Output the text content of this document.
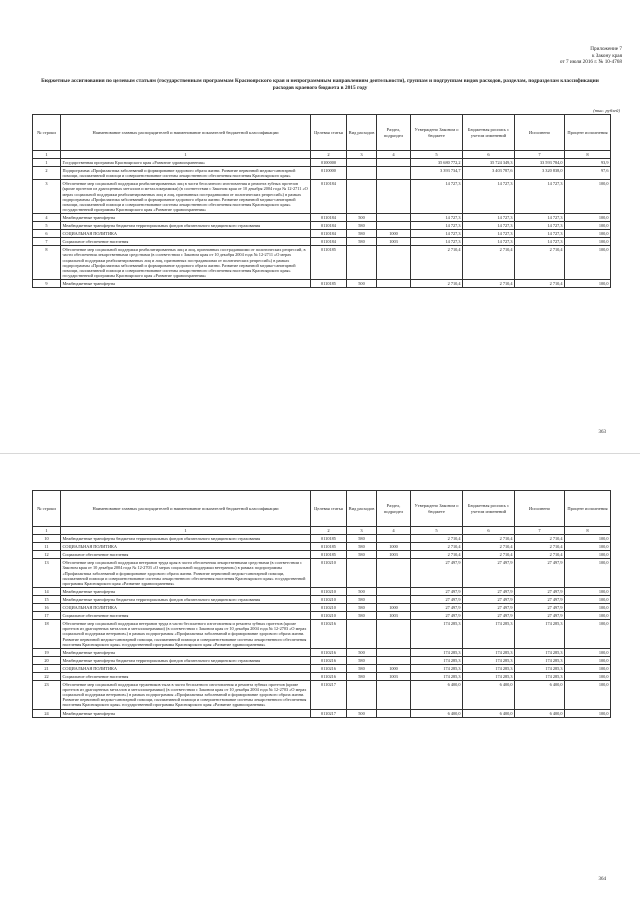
Приложение 7
к Закону края
от 7 июля 2016 г. № 10-4768
Бюджетные ассигнования по целевым статьям (государственным программам Красноярского края и непрограммным направлениям деятельности), группам и подгруппам видов расходов, разделам, подразделам классификации расходов краевого бюджета в 2015 году
(тыс. рублей)
№ строки	Наименование главных распорядителей и наименование показателей бюджетной классификации	Целевая статья	Вид расходов	Раздел, подраздел	Утверждено Законом о бюджете	Бюджетная роспись с учетом изменений	Исполнено	Процент исполнения
1	1	2	3	4	5	6	7	8
1	Государственная программа Красноярского края «Развитие здравоохранения»	0100000			35 680 772,2	35 724 349,3	33 593 784,0	93,9
2	Подпрограмма «Профилактика заболеваний и формирование здорового образа жизни. Развитие первичной медико-санитарной помощи, паллиативной помощи и совершенствование системы лекарственного обеспечения населения Красноярского края»	0110000			3 393 734,7	3 403 787,6	3 320 838,0	97,6
3	Обеспечение мер социальной поддержки реабилитированных лиц в части бесплатного изготовления и ремонта зубных протезов (кроме протезов из драгоценных металлов и металлокерамики) (в соответствии с Законом края от 10 декабря 2004 года № 12-2711 «О мерах социальной поддержки реабилитированных лиц и лиц, признанных пострадавшими от политических репрессий») в рамках подпрограммы «Профилактика заболеваний и формирование здорового образа жизни. Развитие первичной медико-санитарной помощи, паллиативной помощи и совершенствование системы лекарственного обеспечения населения Красноярского края» государственной программы Красноярского края «Развитие здравоохранения»	0110184			14 727,3	14 727,3	14 727,3	100,0
4	Межбюджетные трансферты	0110184	500		14 727,3	14 727,3	14 727,3	100,0
5	Межбюджетные трансферты бюджетам территориальных фондов обязательного медицинского страхования	0110184	580		14 727,3	14 727,3	14 727,3	100,0
6	СОЦИАЛЬНАЯ ПОЛИТИКА	0110184	580	1000	14 727,3	14 727,3	14 727,3	100,0
7	Социальное обеспечение населения	0110184	580	1003	14 727,3	14 727,3	14 727,3	100,0
8	Обеспечение мер социальной поддержки реабилитированных лиц и лиц, признанных пострадавшими от политических репрессий, в части обеспечения лекарственными средствами (в соответствии с Законом края от 10 декабря 2004 года № 12-2711 «О мерах социальной поддержки реабилитированных лиц и лиц, признанных пострадавшими от политических репрессий») в рамках подпрограммы «Профилактика заболеваний и формирование здорового образа жизни. Развитие первичной медико-санитарной помощи, паллиативной помощи и совершенствование системы лекарственного обеспечения населения Красноярского края» государственной программы Красноярского края «Развитие здравоохранения»	0110185			2 710,4	2 710,4	2 710,4	100,0
9	Межбюджетные трансферты	0110185	500		2 710,4	2 710,4	2 710,4	100,0
363
№ строки	Наименование главных распорядителей и наименование показателей бюджетной классификации	Целевая статья	Вид расходов	Раздел, подраздел	Утверждено Законом о бюджете	Бюджетная роспись с учетом изменений	Исполнено	Процент исполнения
1	1	2	3	4	5	6	7	8
10	Межбюджетные трансферты бюджетам территориальных фондов обязательного медицинского страхования	0110185	580		2 710,4	2 710,4	2 710,4	100,0
11	СОЦИАЛЬНАЯ ПОЛИТИКА	0110185	580	1000	2 710,4	2 710,4	2 710,4	100,0
12	Социальное обеспечение населения	0110185	580	1003	2 710,4	2 710,4	2 710,4	100,0
13	Обеспечение мер социальной поддержки ветеранов труда края в части обеспечения лекарственными средствами (в соответствии с Законом края от 10 декабря 2004 года № 12-2703 «О мерах социальной поддержки ветеранов») в рамках подпрограммы «Профилактика заболеваний и формирование здорового образа жизни. Развитие первичной медико-санитарной помощи, паллиативной помощи и совершенствование системы лекарственного обеспечения населения Красноярского края» государственной программы Красноярского края «Развитие здравоохранения»	0110210			27 497,9	27 497,9	27 497,9	100,0
14	Межбюджетные трансферты	0110210	500		27 497,9	27 497,9	27 497,9	100,0
15	Межбюджетные трансферты бюджетам территориальных фондов обязательного медицинского страхования	0110210	580		27 497,9	27 497,9	27 497,9	100,0
16	СОЦИАЛЬНАЯ ПОЛИТИКА	0110210	580	1000	27 497,9	27 497,9	27 497,9	100,0
17	Социальное обеспечение населения	0110210	580	1003	27 497,9	27 497,9	27 497,9	100,0
18	Обеспечение мер социальной поддержки ветеранов труда в части бесплатного изготовления и ремонта зубных протезов (кроме протезов из драгоценных металлов и металлокерамики) (в соответствии с Законом края от 10 декабря 2004 года № 12-2703 «О мерах социальной поддержки ветеранов») в рамках подпрограммы «Профилактика заболеваний и формирование здорового образа жизни. Развитие первичной медико-санитарной помощи, паллиативной помощи и совершенствование системы лекарственного обеспечения населения Красноярского края» государственной программы Красноярского края «Развитие здравоохранения»	0110216			174 285,3	174 285,3	174 285,3	100,0
19	Межбюджетные трансферты	0110216	500		174 285,3	174 285,3	174 285,3	100,0
20	Межбюджетные трансферты бюджетам территориальных фондов обязательного медицинского страхования	0110216	580		174 285,3	174 285,3	174 285,3	100,0
21	СОЦИАЛЬНАЯ ПОЛИТИКА	0110216	580	1000	174 285,3	174 285,3	174 285,3	100,0
22	Социальное обеспечение населения	0110216	580	1003	174 285,3	174 285,3	174 285,3	100,0
23	Обеспечение мер социальной поддержки тружеников тыла в части бесплатного изготовления и ремонта зубных протезов (кроме протезов из драгоценных металлов и металлокерамики) (в соответствии с Законом края от 10 декабря 2004 года № 12-2703 «О мерах социальной поддержки ветеранов») в рамках подпрограммы «Профилактика заболеваний и формирование здорового образа жизни. Развитие первичной медико-санитарной помощи, паллиативной помощи и совершенствование системы лекарственного обеспечения населения Красноярского края» государственной программы Красноярского края «Развитие здравоохранения»	0110217			6 400,0	6 400,0	6 400,0	100,0
24	Межбюджетные трансферты	0110217	500		6 400,0	6 400,0	6 400,0	100,0
364
